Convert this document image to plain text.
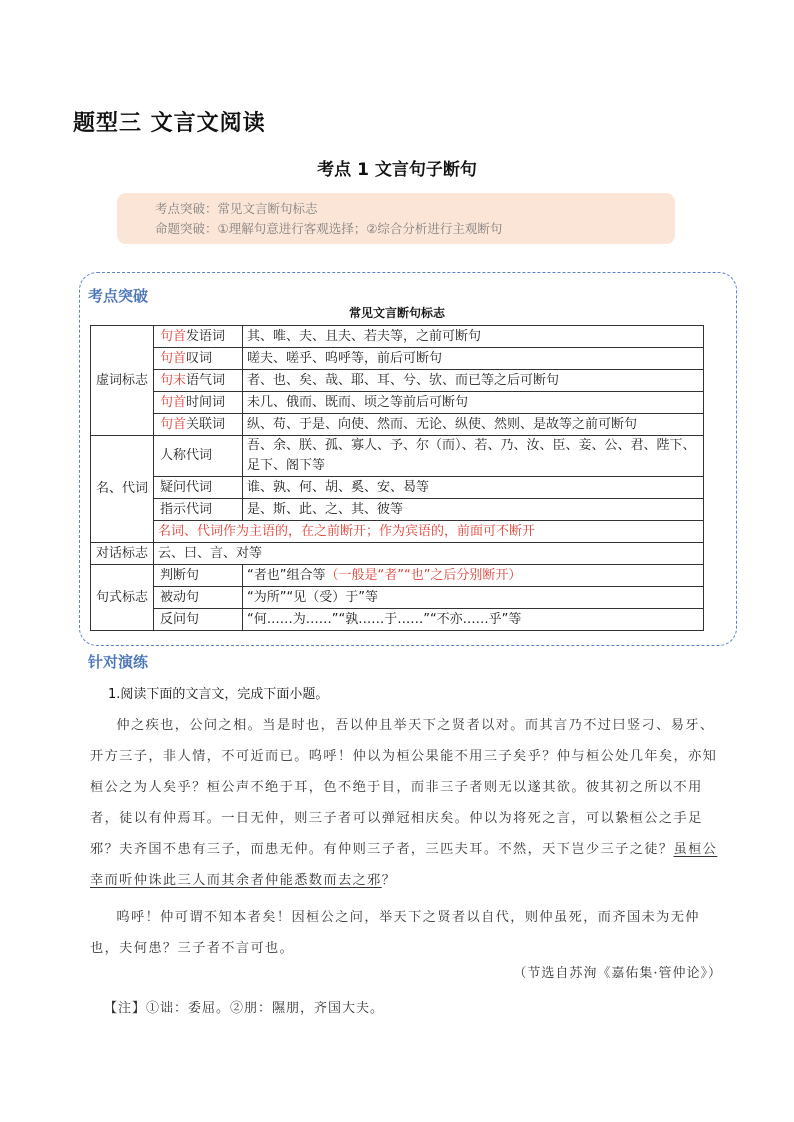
题型三 文言文阅读
考点 1 文言句子断句
考点突破：常见文言断句标志
命题突破：①理解句意进行客观选择；②综合分析进行主观断句
考点突破
常见文言断句标志
虚词标志	句首发语词	其、唯、夫、且夫、若夫等，之前可断句
	句首叹词	嗟夫、嗟乎、呜呼等，前后可断句
	句末语气词	者、也、矣、哉、耶、耳、兮、欤、而已等之后可断句
	句首时间词	未几、俄而、既而、顷之等前后可断句
	句首关联词	纵、苟、于是、向使、然而、无论、纵使、然则、是故等之前可断句
名、代词	人称代词	吾、余、朕、孤、寡人、予、尔（而）、若、乃、汝、臣、妾、公、君、陛下、足下、阁下等
	疑问代词	谁、孰、何、胡、奚、安、曷等
	指示代词	是、斯、此、之、其、彼等
	名词、代词作为主语的，在之前断开；作为宾语的，前面可不断开	
对话标志	云、曰、言、对等	
句式标志	判断句	“者也”组合等（一般是“者”“也”之后分别断开）
	被动句	“为所”“见（受）于”等
	反问句	“何……为……”“孰……于……”“不亦……乎”等
针对演练
1.阅读下面的文言文，完成下面小题。
仲之疾也，公问之相。当是时也，吾以仲且举天下之贤者以对。而其言乃不过曰竖刁、易牙、开方三子，非人情，不可近而已。呜呼！仲以为桓公果能不用三子矣乎？仲与桓公处几年矣，亦知桓公之为人矣乎？桓公声不绝于耳，色不绝于目，而非三子者则无以遂其欲。彼其初之所以不用者，徒以有仲焉耳。一日无仲，则三子者可以弹冠相庆矣。仲以为将死之言，可以絷桓公之手足邪？夫齐国不患有三子，而患无仲。有仲则三子者，三匹夫耳。不然，天下岂少三子之徒？虽桓公幸而听仲诛此三人而其余者仲能悉数而去之邪？
呜呼！仲可谓不知本者矣！因桓公之问，举天下之贤者以自代，则仲虽死，而齐国未为无仲也，夫何患？三子者不言可也。
（节选自苏洵《嘉佑集·管仲论》）
【注】①诎：委屈。②朋：隰朋，齐国大夫。
